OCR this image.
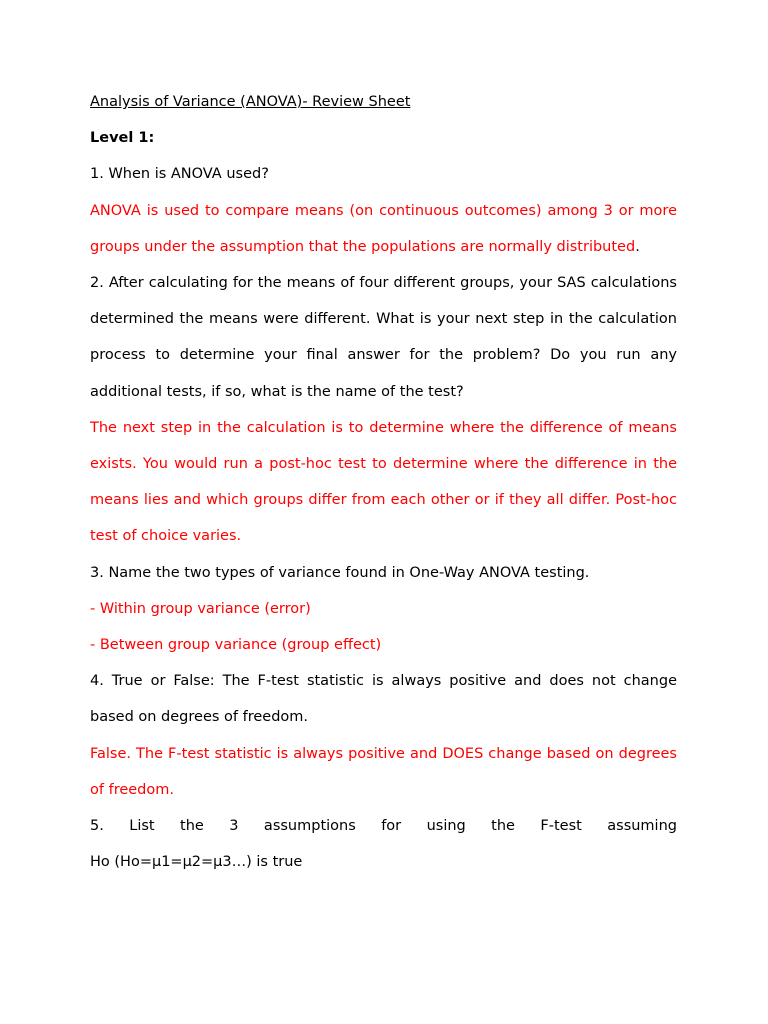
Analysis of Variance (ANOVA)- Review Sheet

Level 1:

1. When is ANOVA used?

ANOVA is used to compare means (on continuous outcomes) among 3 or more groups under the assumption that the populations are normally distributed.

2. After calculating for the means of four different groups, your SAS calculations determined the means were different. What is your next step in the calculation process to determine your final answer for the problem? Do you run any additional tests, if so, what is the name of the test?

The next step in the calculation is to determine where the difference of means exists. You would run a post-hoc test to determine where the difference in the means lies and which groups differ from each other or if they all differ. Post-hoc test of choice varies.

3. Name the two types of variance found in One-Way ANOVA testing.

- Within group variance (error)

- Between group variance (group effect)

4. True or False: The F-test statistic is always positive and does not change based on degrees of freedom.

False. The F-test statistic is always positive and DOES change based on degrees of freedom.

5. List the 3 assumptions for using the F-test assuming

Ho (Ho=μ1=μ2=μ3…) is true
